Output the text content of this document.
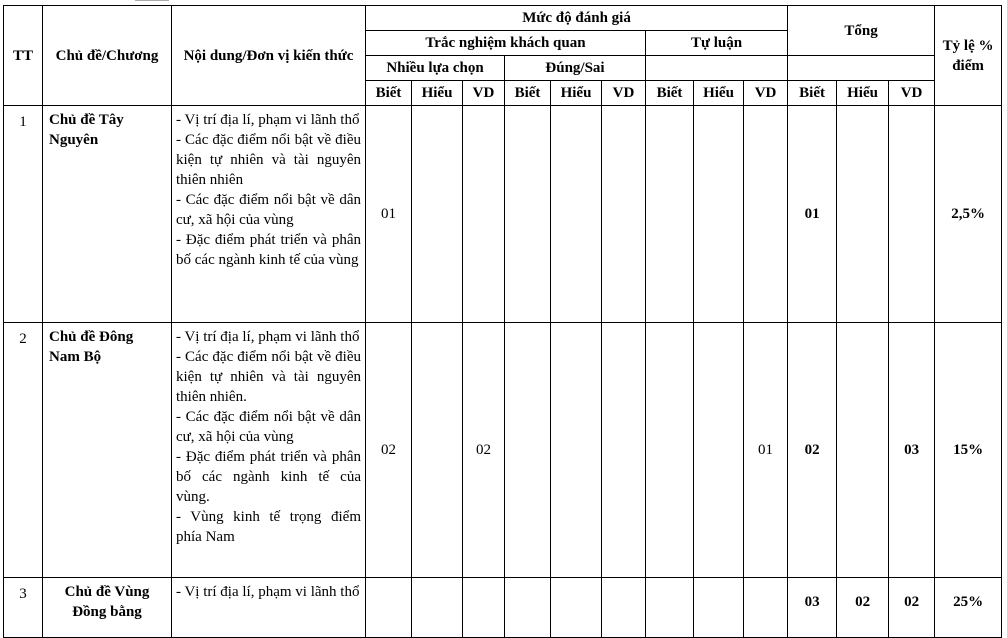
TT	Chủ đề/Chương	Nội dung/Đơn vị kiến thức	Mức độ đánh giá									Tổng			Tỷ lệ % điểm
			Trắc nghiệm khách quan						Tự luận						
			Nhiều lựa chọn			Đúng/Sai									
			Biết	Hiểu	VD	Biết	Hiểu	VD	Biết	Hiểu	VD	Biết	Hiểu	VD	
1	Chủ đề Tây Nguyên	- Vị trí địa lí, phạm vi lãnh thổ
- Các đặc điểm nổi bật về điều kiện tự nhiên và tài nguyên thiên nhiên
- Các đặc điểm nổi bật về dân cư, xã hội của vùng
- Đặc điểm phát triển và phân bố các ngành kinh tế của vùng	01									01			2,5%
2	Chủ đề Đông Nam Bộ	- Vị trí địa lí, phạm vi lãnh thổ
- Các đặc điểm nổi bật về điều kiện tự nhiên và tài nguyên thiên nhiên.
- Các đặc điểm nổi bật về dân cư, xã hội của vùng
- Đặc điểm phát triển và phân bố các ngành kinh tế của vùng.
- Vùng kinh tế trọng điểm phía Nam	02		02						01	02		03	15%
3	Chủ đề Vùng Đồng bằng	- Vị trí địa lí, phạm vi lãnh thổ										03	02	02	25%
